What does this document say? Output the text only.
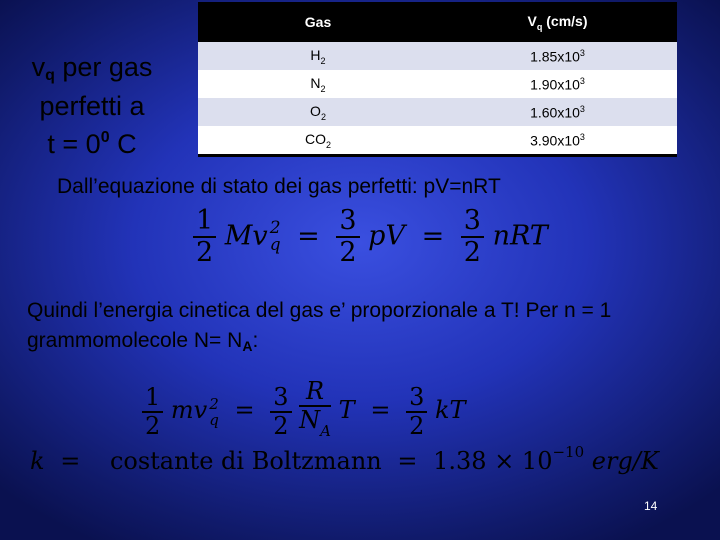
$v_q$ per gas
perfetti a
$t = 0^0$ C
Gas	$V_q$ (cm/s)
$H_2$	$1.85x10^3$
$N_2$	$1.90x10^3$
$O_2$	$1.60x10^3$
$CO_2$	$3.90x10^3$
Dall’equazione di stato dei gas perfetti: pV=nRT
$\frac{1}{2}$ Mv 2
$q = \frac{3}{2}$ pV = $\frac{3}{2}$ nRT
Quindi l’energia cinetica del gas e’ proporzionale a T! Per n = 1 grammomolecole $N= N_A$:
$\frac{1}{2}$ mv 2
$q = \frac{3}{2}$
$\frac{R}{N_A}$ $T = \frac{3}{2}$ kT
k = costante di Boltzmann = $1.38 \times 10^{-10}$ erg/K
14
